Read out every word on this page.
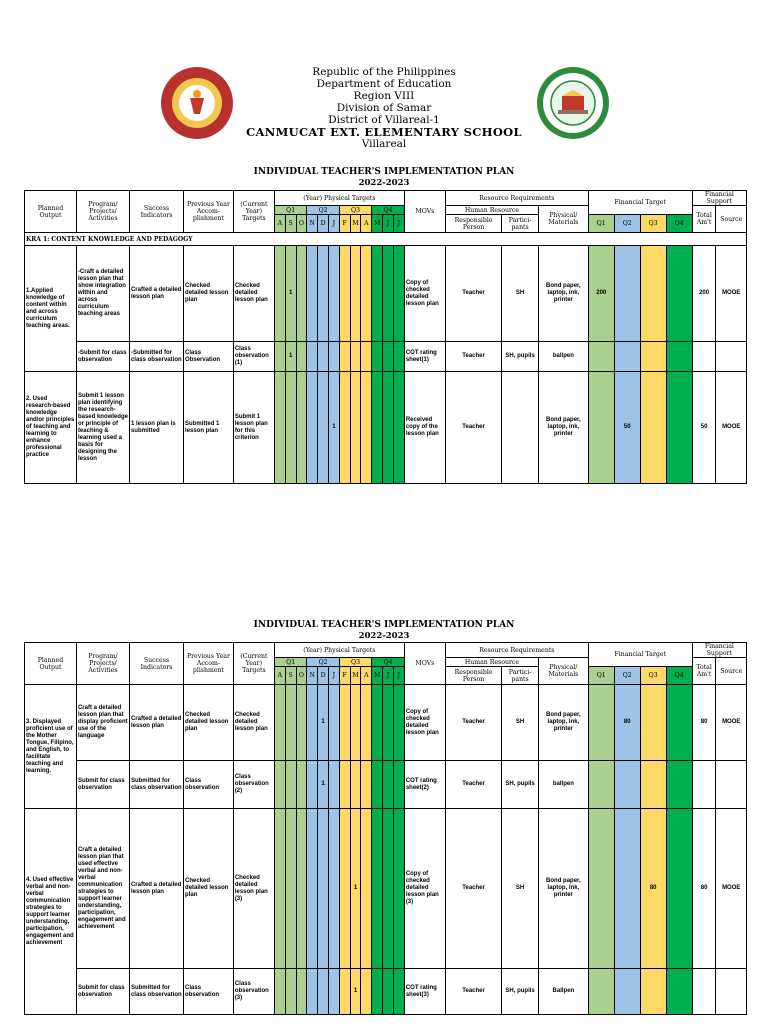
Republic of the Philippines
Department of Education
Region VIII
Division of Samar
District of Villareal-1
CANMUCAT EXT. ELEMENTARY SCHOOL
Villareal
INDIVIDUAL TEACHER'S IMPLEMENTATION PLAN
2022-2023
Planned Output	Program/ Projects/ Activities	Success Indicators	Previous Year Accom-plishment	(Current Year) Targets	(Year) Physical Targets												MOVs	Resource Requirements			Financial Target				Financial Support	
					Q1			Q2			Q3			Q4				Human Resource		Physical/ Materials					Total Am't	Source
					A	S	O	N	D	J	F	M	A	M	J	J		Responsible Person	Partici-pants		Q1	Q2	Q3	Q4		

KRA 1: CONTENT KNOWLEDGE AND PEDAGOGY																										
1.Applied knowledge of content within and across curriculum teaching areas.	-Craft a detailed lesson plan that show integration within and across curriculum teaching areas	Crafted a detailed lesson plan	Checked detailed lesson plan	Checked detailed lesson plan		1											Copy of checked detailed lesson plan	Teacher	SH	Bond paper, laptop, ink, printer	200				200	MOOE
	-Submit for class observation	-Submitted for class observation	Class Observation	Class observation (1)		1											COT rating sheet(1)	Teacher	SH, pupils	ballpen						
2. Used research-based knowledge and/or principles of teaching and learning to enhance professional practice	Submit 1 lesson plan identifying the research-based knowledge or principle of teaching & learning used a basis for designing the lesson	1 lesson plan is submitted	Submitted 1 lesson plan	Submit 1 lesson plan for this criterion						1							Received copy of the lesson plan	Teacher		Bond paper, laptop, ink, printer		50			50	MOOE
INDIVIDUAL TEACHER'S IMPLEMENTATION PLAN
2022-2023
Planned Output	Program/ Projects/ Activities	Success Indicators	Previous Year Accom-plishment	(Current Year) Targets	(Year) Physical Targets												MOVs	Resource Requirements			Financial Target				Financial Support	
					Q1			Q2			Q3			Q4				Human Resource		Physical/ Materials					Total Am't	Source
					A	S	O	N	D	J	F	M	A	M	J	J		Responsible Person	Partici-pants		Q1	Q2	Q3	Q4		

3. Displayed proficient use of the Mother Tongue, Filipino, and English, to facilitate teaching and learning.	Craft a detailed lesson plan that display proficient use of the language	Crafted a detailed lesson plan	Checked detailed lesson plan	Checked detailed lesson plan					1								Copy of checked detailed lesson plan	Teacher	SH	Bond paper, laptop, ink, printer		80			80	MOOE
	Submit for class observation	Submitted for class observation	Class observation	Class observation (2)					1								COT rating sheet(2)	Teacher	SH, pupils	ballpen						
4. Used effective verbal and non-verbal communication strategies to support learner understanding, participation, engagement and achievement	Craft a detailed lesson plan that used effective verbal and non-verbal communication strategies to support learner understanding, participation, engagement and achievement	Crafted a detailed lesson plan	Checked detailed lesson plan	Checked detailed lesson plan (3)								1					Copy of checked detailed lesson plan (3)	Teacher	SH	Bond paper, laptop, ink, printer			80		80	MOOE
	Submit for class observation	Submitted for class observation	Class observation	Class observation (3)								1					COT rating sheet(3)	Teacher	SH, pupils	Ballpen						
